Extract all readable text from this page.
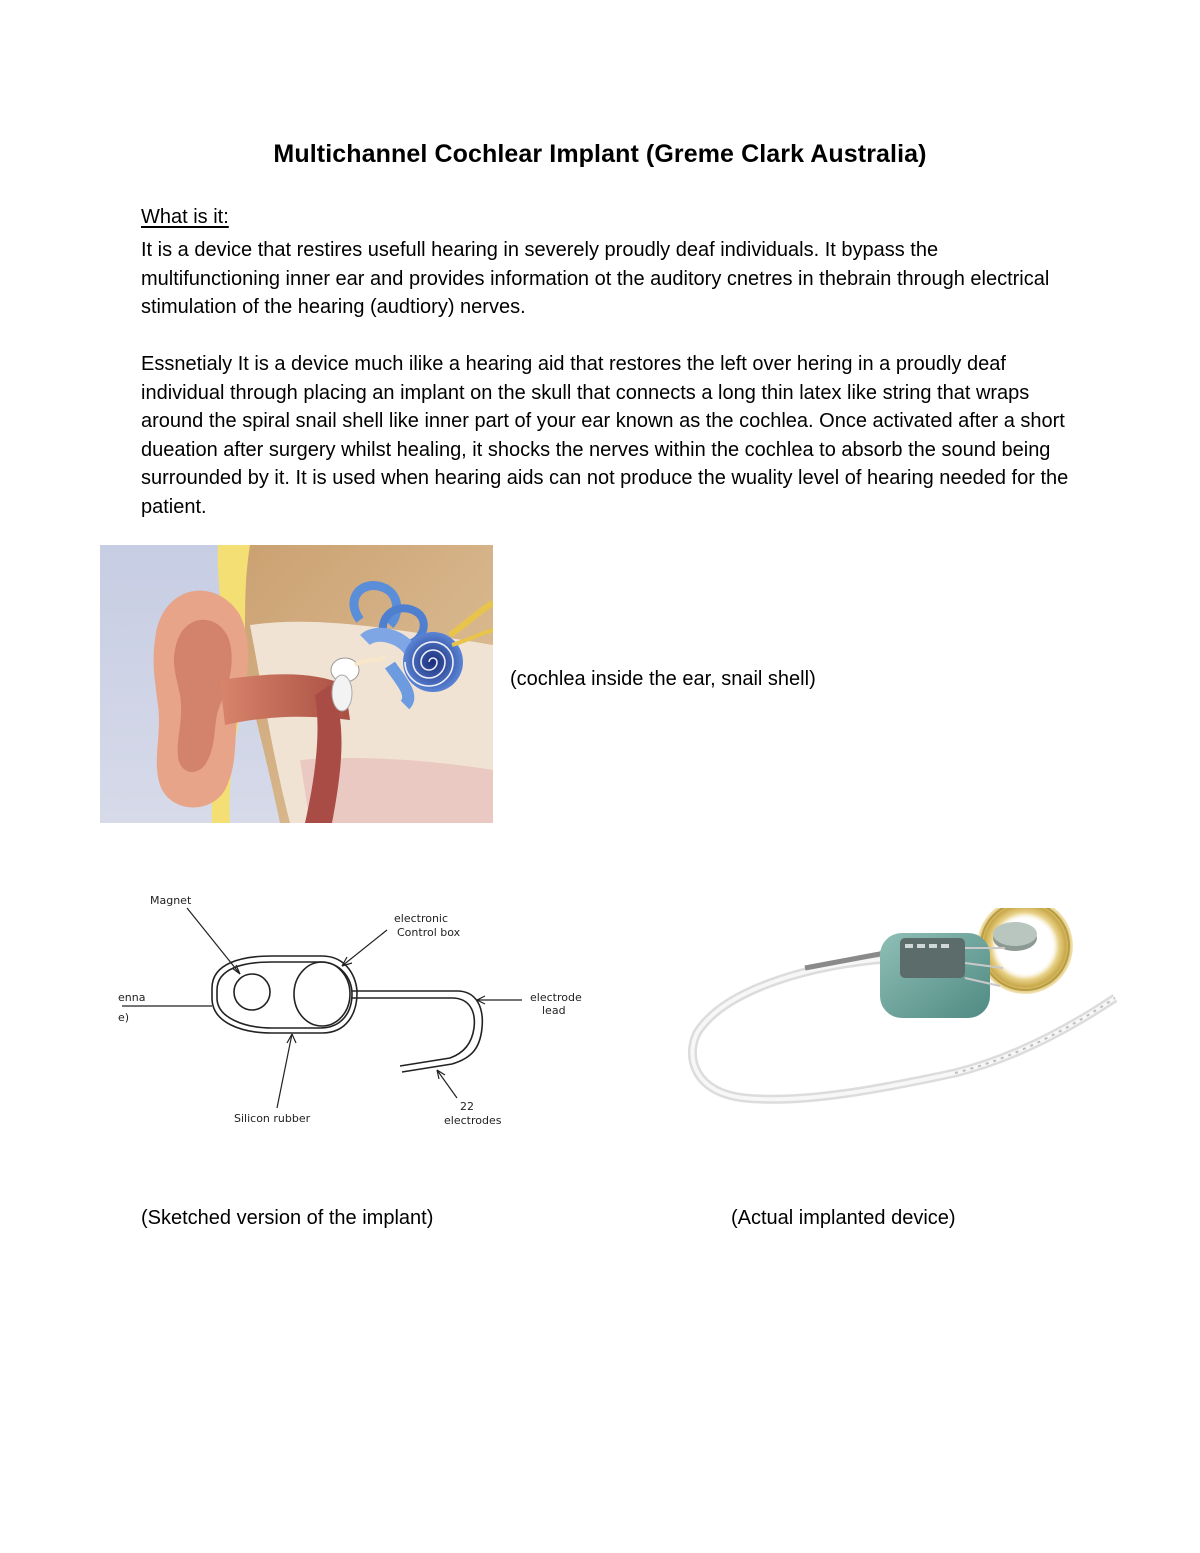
Multichannel Cochlear Implant (Greme Clark Australia)
What is it:

It is a device that restires usefull hearing in severely proudly deaf individuals. It bypass the multifunctioning inner ear and provides information ot the auditory cnetres in thebrain through electrical stimulation of the hearing (audtiory) nerves.

Essnetialy It is a device much ilike a hearing aid that restores the left over hering in a proudly deaf individual through placing an implant on the skull that connects a long thin latex like string that wraps around the spiral snail shell like inner part of your ear known as the cochlea. Once activated after a short dueation after surgery whilst healing, it shocks the nerves within the cochlea to absorb the sound being surrounded by it. It is used when hearing aids can not produce the wuality level of hearing needed for the patient.

(cochlea inside the ear, snail shell)
Magnet
electronic
Control box
enna
e)
electrode
lead
22
electrodes
Silicon rubber
(Sketched version of the implant)	(Actual implanted device)
